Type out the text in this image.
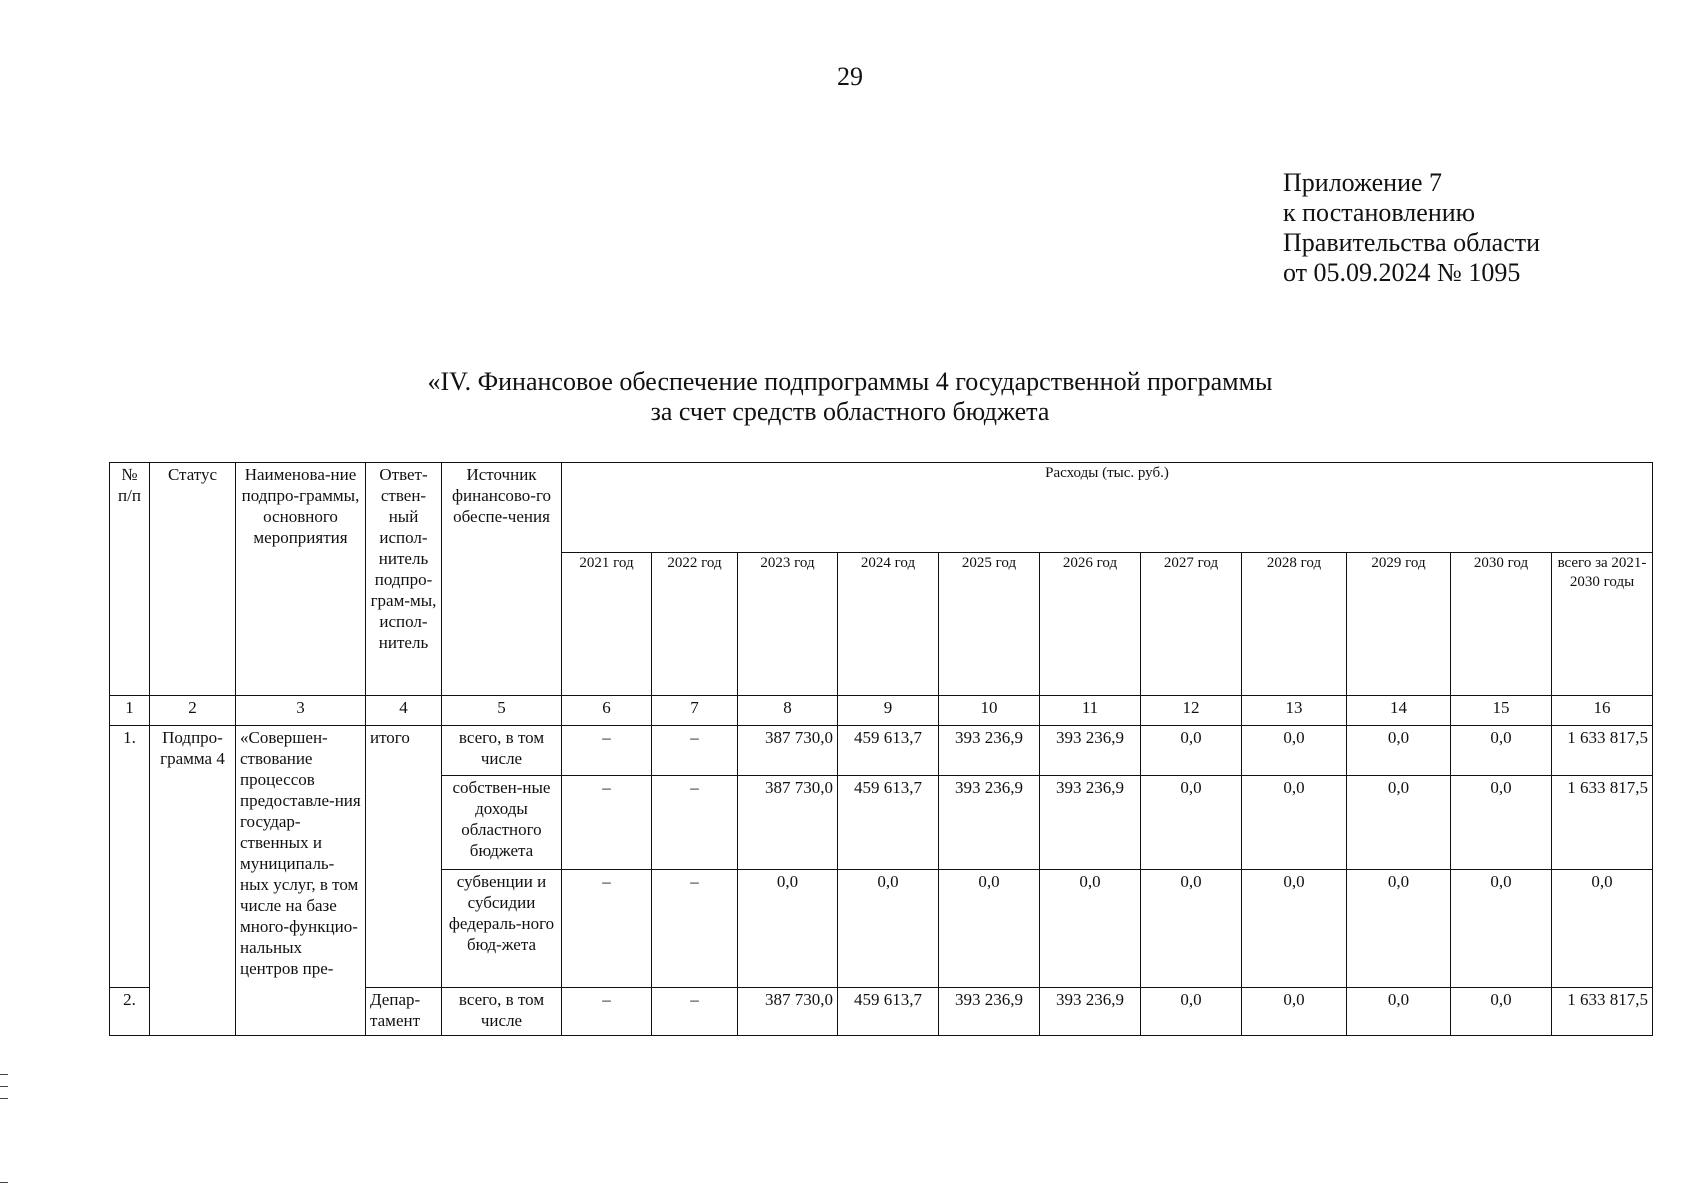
29
Приложение 7
к постановлению
Правительства области
от 05.09.2024 № 1095
«IV. Финансовое обеспечение подпрограммы 4 государственной программы
за счет средств областного бюджета
№ п/п	Статус	Наименова-ние подпро-граммы, основного мероприятия	Ответ-ствен-ный испол-нитель подпро-грам-мы, испол-нитель	Источник финансово-го обеспе-чения	Расходы (тыс. руб.)										
					2021 год	2022 год	2023 год	2024 год	2025 год	2026 год	2027 год	2028 год	2029 год	2030 год	всего за 2021-2030 годы
1	2	3	4	5	6	7	8	9	10	11	12	13	14	15	16
1.	Подпро-грамма 4	«Совершен-ствование процессов предоставле-ния государ-ственных и муниципаль-ных услуг, в том числе на базе много-функцио-нальных центров пре-	итого	всего, в том числе	–	–	387 730,0	459 613,7	393 236,9	393 236,9	0,0	0,0	0,0	0,0	1 633 817,5
				собствен-ные доходы областного бюджета	–	–	387 730,0	459 613,7	393 236,9	393 236,9	0,0	0,0	0,0	0,0	1 633 817,5
				субвенции и субсидии федераль-ного бюд-жета	–	–	0,0	0,0	0,0	0,0	0,0	0,0	0,0	0,0	0,0
2.			Депар-тамент	всего, в том числе	–	–	387 730,0	459 613,7	393 236,9	393 236,9	0,0	0,0	0,0	0,0	1 633 817,5
